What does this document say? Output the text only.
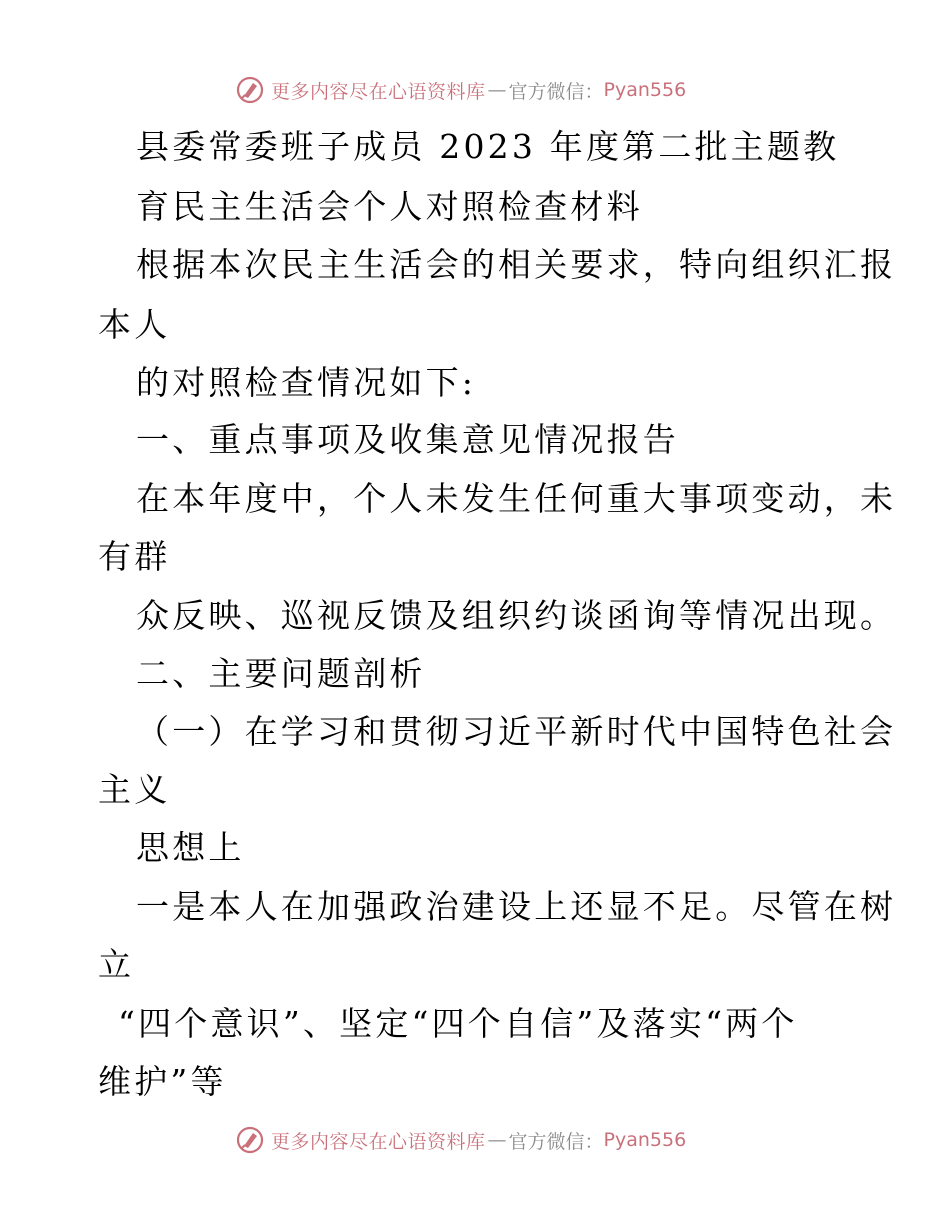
更多内容尽在心语资料库 — 官方微信： Pyan556
县委常委班子成员 2023 年度第二批主题教
育民主生活会个人对照检查材料
根据本次民主生活会的相关要求，特向组织汇报
本人
的对照检查情况如下:
一、重点事项及收集意见情况报告
在本年度中，个人未发生任何重大事项变动，未
有群
众反映、巡视反馈及组织约谈函询等情况出现。
二、主要问题剖析
（一）在学习和贯彻习近平新时代中国特色社会
主义
思想上
一是本人在加强政治建设上还显不足。尽管在树
立
“四个意识”、坚定“四个自信”及落实“两个
维护”等
更多内容尽在心语资料库 — 官方微信： Pyan556
